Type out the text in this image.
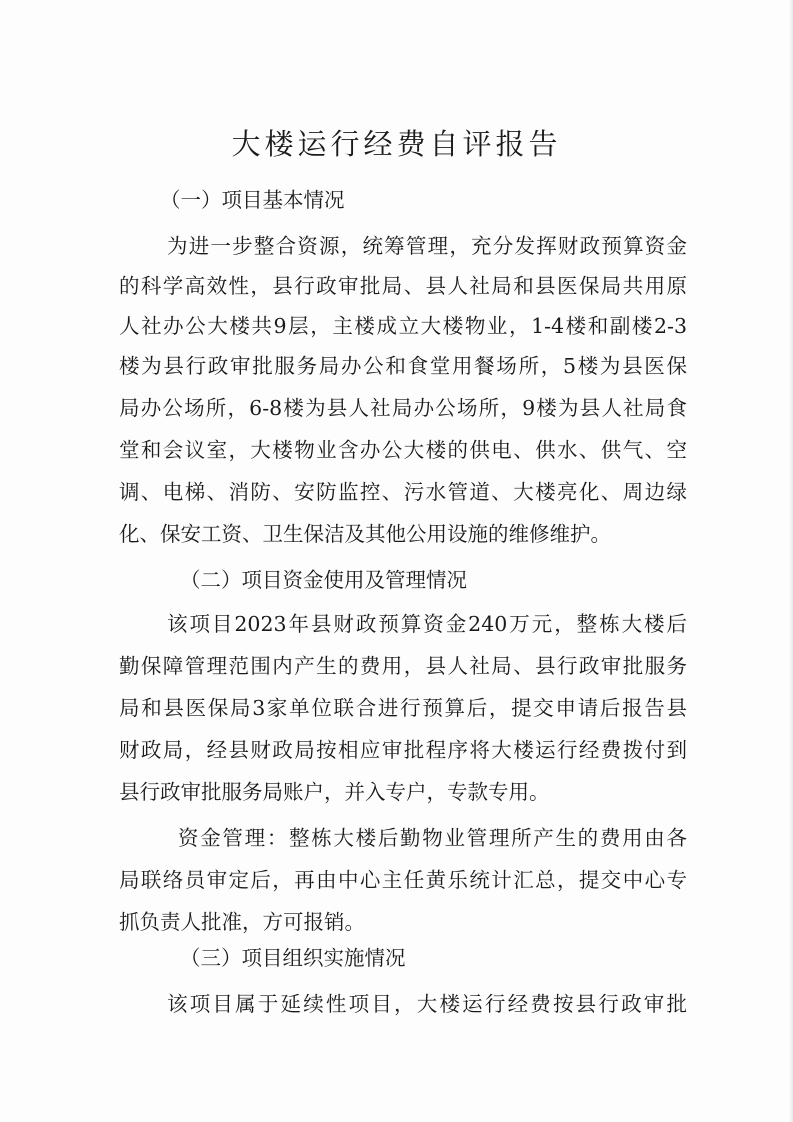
大楼运行经费自评报告
（一）项目基本情况
为进一步整合资源，统筹管理，充分发挥财政预算资金
的科学高效性，县行政审批局、县人社局和县医保局共用原
人社办公大楼共9层，主楼成立大楼物业，1-4楼和副楼2-3
楼为县行政审批服务局办公和食堂用餐场所，5楼为县医保
局办公场所，6-8楼为县人社局办公场所，9楼为县人社局食
堂和会议室，大楼物业含办公大楼的供电、供水、供气、空
调、电梯、消防、安防监控、污水管道、大楼亮化、周边绿
化、保安工资、卫生保洁及其他公用设施的维修维护。
（二）项目资金使用及管理情况
该项目2023年县财政预算资金240万元，整栋大楼后
勤保障管理范围内产生的费用，县人社局、县行政审批服务
局和县医保局3家单位联合进行预算后，提交申请后报告县
财政局，经县财政局按相应审批程序将大楼运行经费拨付到
县行政审批服务局账户，并入专户，专款专用。
资金管理：整栋大楼后勤物业管理所产生的费用由各
局联络员审定后，再由中心主任黄乐统计汇总，提交中心专
抓负责人批准，方可报销。
（三）项目组织实施情况
该项目属于延续性项目，大楼运行经费按县行政审批
